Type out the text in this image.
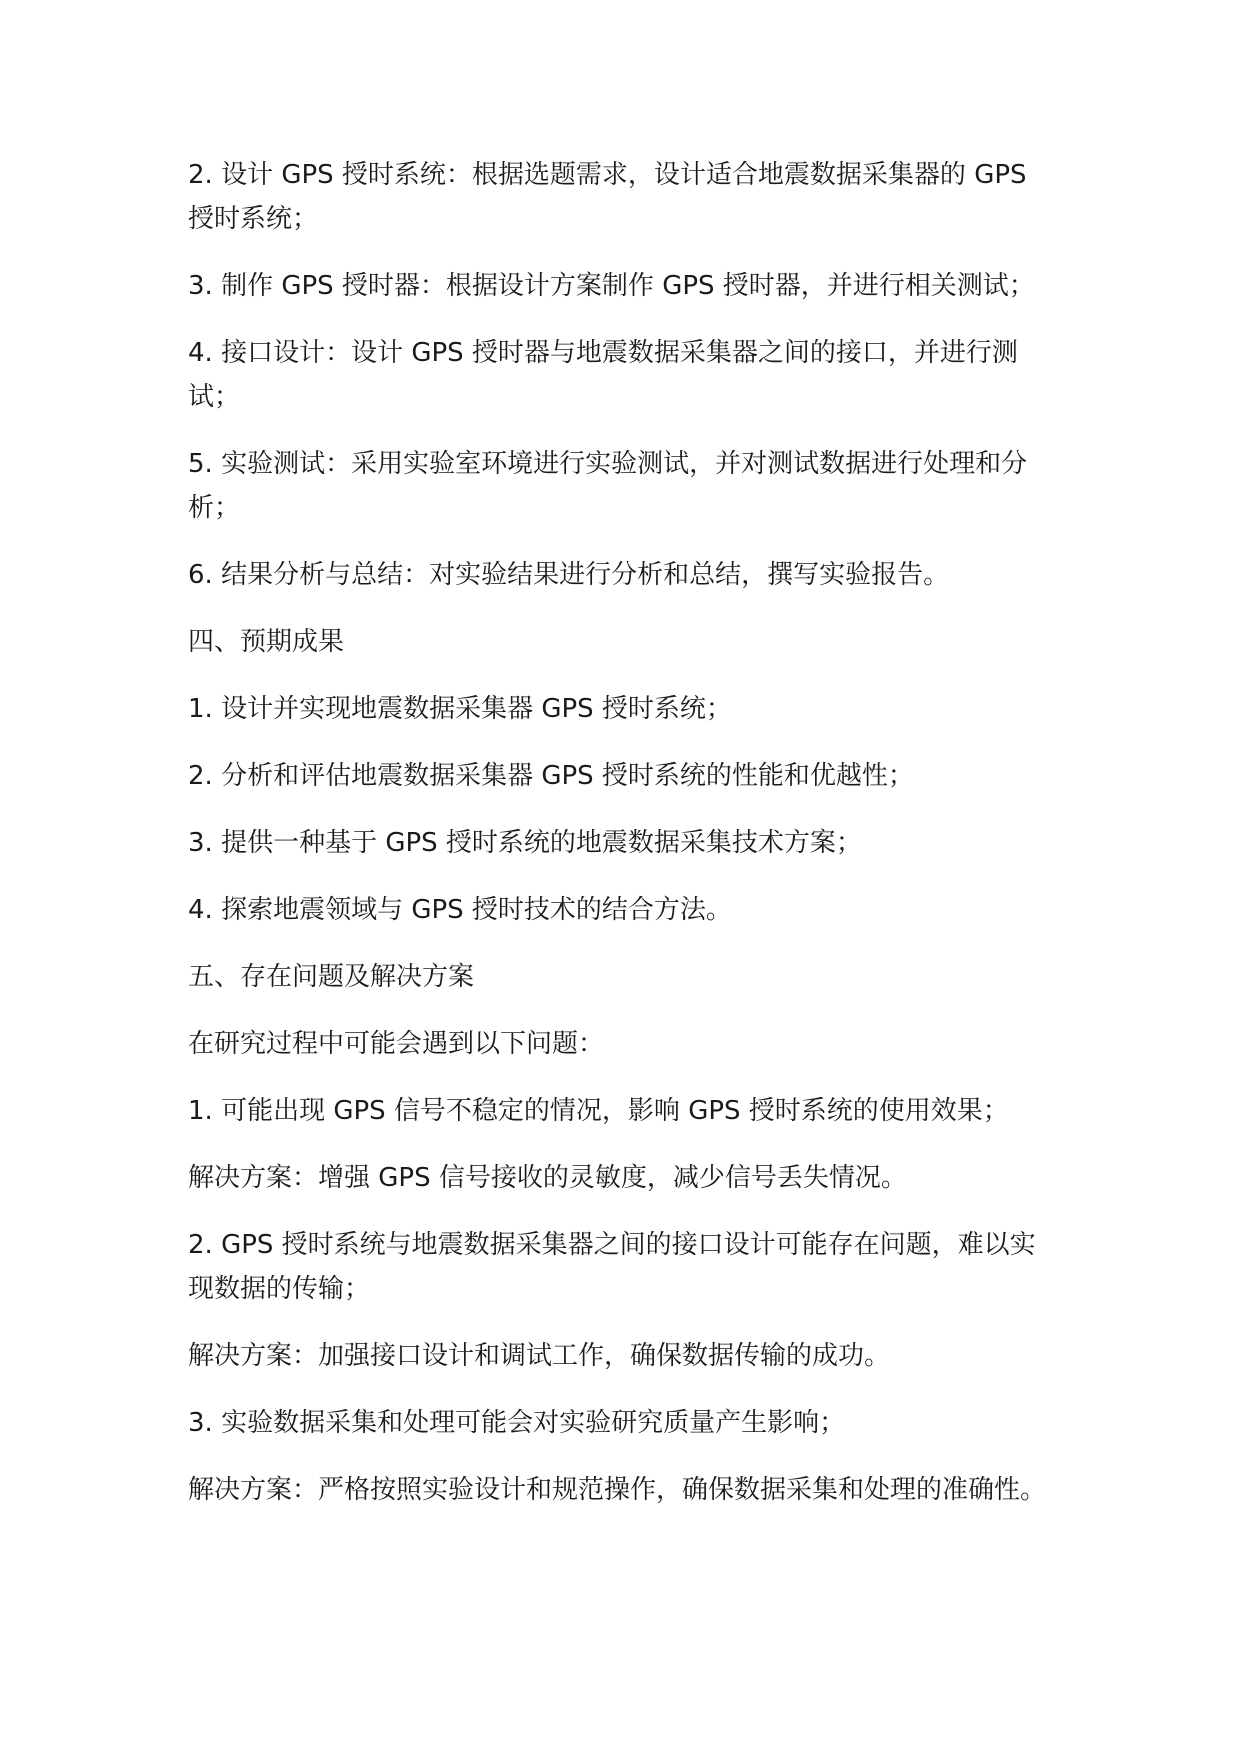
2. 设计 GPS 授时系统：根据选题需求，设计适合地震数据采集器的 GPS 授时系统；

3. 制作 GPS 授时器：根据设计方案制作 GPS 授时器，并进行相关测试；

4. 接口设计：设计 GPS 授时器与地震数据采集器之间的接口，并进行测试；

5. 实验测试：采用实验室环境进行实验测试，并对测试数据进行处理和分析；

6. 结果分析与总结：对实验结果进行分析和总结，撰写实验报告。

四、预期成果

1. 设计并实现地震数据采集器 GPS 授时系统；

2. 分析和评估地震数据采集器 GPS 授时系统的性能和优越性；

3. 提供一种基于 GPS 授时系统的地震数据采集技术方案；

4. 探索地震领域与 GPS 授时技术的结合方法。

五、存在问题及解决方案

在研究过程中可能会遇到以下问题：

1. 可能出现 GPS 信号不稳定的情况，影响 GPS 授时系统的使用效果；

解决方案：增强 GPS 信号接收的灵敏度，减少信号丢失情况。

2. GPS 授时系统与地震数据采集器之间的接口设计可能存在问题，难以实现数据的传输；

解决方案：加强接口设计和调试工作，确保数据传输的成功。

3. 实验数据采集和处理可能会对实验研究质量产生影响；

解决方案：严格按照实验设计和规范操作，确保数据采集和处理的准确性。
